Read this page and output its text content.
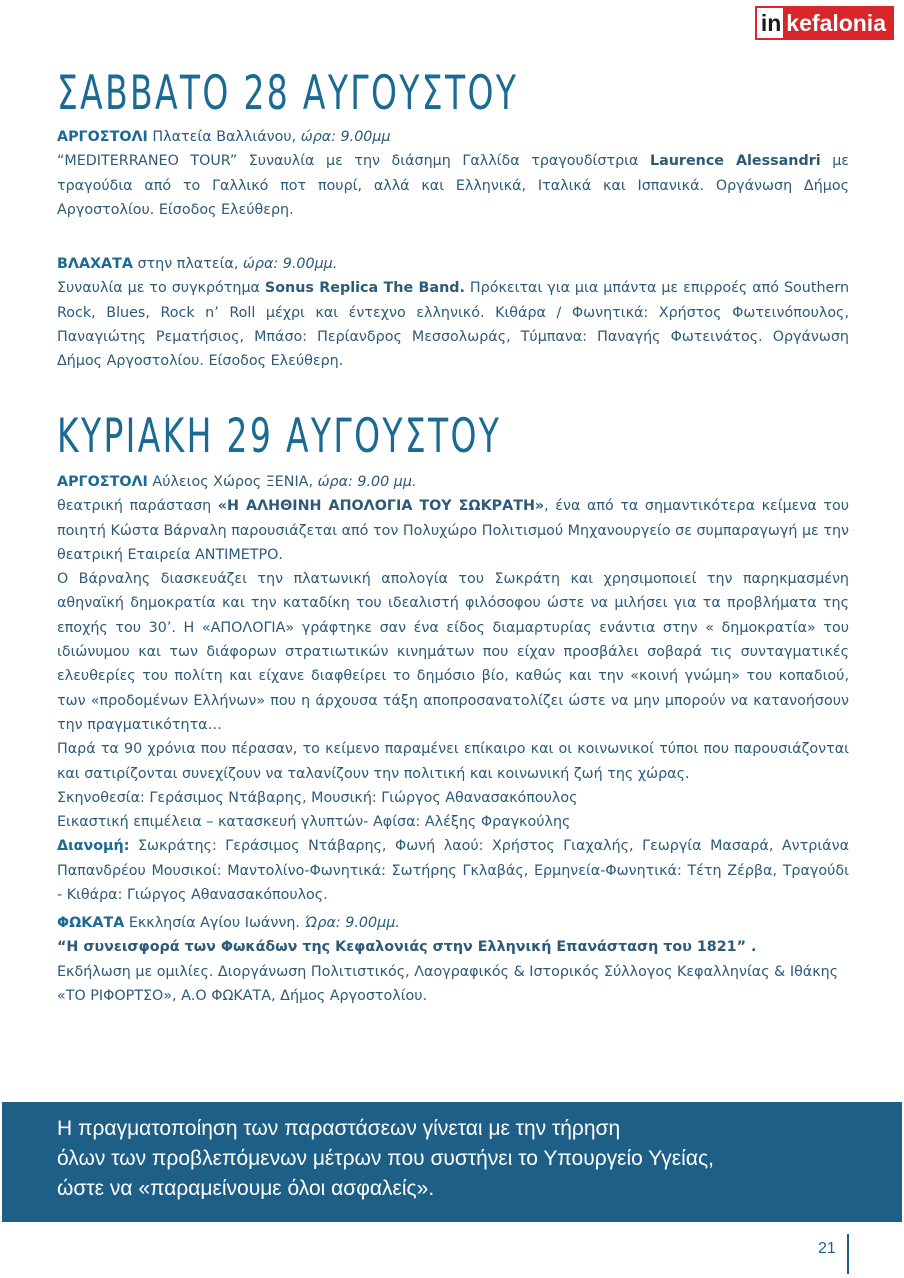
in kefalonia
ΣΑΒΒΑΤΟ 28 ΑΥΓΟΥΣΤΟΥ

ΑΡΓΟΣΤΟΛΙ Πλατεία Βαλλιάνου, ώρα: 9.00μμ

“MEDITERRANEO TOUR” Συναυλία με την διάσημη Γαλλίδα τραγουδίστρια Laurence Alessandri με τραγούδια από το Γαλλικό ποτ πουρί, αλλά και Ελληνικά, Ιταλικά και Ισπανικά. Οργάνωση Δήμος Αργοστολίου. Είσοδος Ελεύθερη.

ΒΛΑΧΑΤΑ στην πλατεία, ώρα: 9.00μμ.

Συναυλία με το συγκρότημα Sonus Replica The Band. Πρόκειται για μια μπάντα με επιρροές από Southern Rock, Blues, Rock n’ Roll μέχρι και έντεχνο ελληνικό. Κιθάρα / Φωνητικά: Χρήστος Φωτεινόπουλος, Παναγιώτης Ρεματήσιος, Μπάσο: Περίανδρος Μεσσολωράς, Τύμπανα: Παναγής Φωτεινάτος. Οργάνωση Δήμος Αργοστολίου. Είσοδος Ελεύθερη.

ΚΥΡΙΑΚΗ 29 ΑΥΓΟΥΣΤΟΥ

ΑΡΓΟΣΤΟΛΙ Αύλειος Χώρος ΞΕΝΙΑ, ώρα: 9.00 μμ.

θεατρική παράσταση «Η ΑΛΗΘΙΝΗ ΑΠΟΛΟΓΙΑ ΤΟΥ ΣΩΚΡΑΤΗ», ένα από τα σημαντικότερα κείμενα του ποιητή Κώστα Βάρναλη παρουσιάζεται από τον Πολυχώρο Πολιτισμού Μηχανουργείο σε συμπαραγωγή με την θεατρική Εταιρεία ΑΝΤΙΜΕΤΡΟ.

Ο Βάρναλης διασκευάζει την πλατωνική απολογία του Σωκράτη και χρησιμοποιεί την παρηκμασμένη αθηναϊκή δημοκρατία και την καταδίκη του ιδεαλιστή φιλόσοφου ώστε να μιλήσει για τα προβλήματα της εποχής του 30’. Η «ΑΠΟΛΟΓΙΑ» γράφτηκε σαν ένα είδος διαμαρτυρίας ενάντια στην « δημοκρατία» του ιδιώνυμου και των διάφορων στρατιωτικών κινημάτων που είχαν προσβάλει σοβαρά τις συνταγματικές ελευθερίες του πολίτη και είχανε διαφθείρει το δημόσιο βίο, καθώς και την «κοινή γνώμη» του κοπαδιού, των «προδομένων Ελλήνων» που η άρχουσα τάξη αποπροσανατολίζει ώστε να μην μπορούν να κατανοήσουν την πραγματικότητα…

Παρά τα 90 χρόνια που πέρασαν, το κείμενο παραμένει επίκαιρο και οι κοινωνικοί τύποι που παρουσιάζονται και σατιρίζονται συνεχίζουν να ταλανίζουν την πολιτική και κοινωνική ζωή της χώρας.

Σκηνοθεσία: Γεράσιμος Ντάβαρης, Μουσική: Γιώργος Αθανασακόπουλος

Εικαστική επιμέλεια – κατασκευή γλυπτών- Αφίσα: Αλέξης Φραγκούλης

Διανομή: Σωκράτης: Γεράσιμος Ντάβαρης, Φωνή λαού: Χρήστος Γιαχαλής, Γεωργία Μασαρά, Αντριάνα Παπανδρέου Μουσικοί: Μαντολίνο-Φωνητικά: Σωτήρης Γκλαβάς, Ερμηνεία-Φωνητικά: Τέτη Ζέρβα, Τραγούδι - Κιθάρα: Γιώργος Αθανασακόπουλος.

ΦΩΚΑΤΑ Εκκλησία Αγίου Ιωάννη. Ώρα: 9.00μμ.

“Η συνεισφορά των Φωκάδων της Κεφαλονιάς στην Ελληνική Επανάσταση του 1821” .

Εκδήλωση με ομιλίες. Διοργάνωση Πολιτιστικός, Λαογραφικός & Ιστορικός Σύλλογος Κεφαλληνίας & Ιθάκης «ΤΟ ΡΙΦΟΡΤΣΟ», Α.Ο ΦΩΚΑΤΑ, Δήμος Αργοστολίου.

Η πραγματοποίηση των παραστάσεων γίνεται με την τήρηση

όλων των προβλεπόμενων μέτρων που συστήνει το Υπουργείο Υγείας,

ώστε να «παραμείνουμε όλοι ασφαλείς».

21
